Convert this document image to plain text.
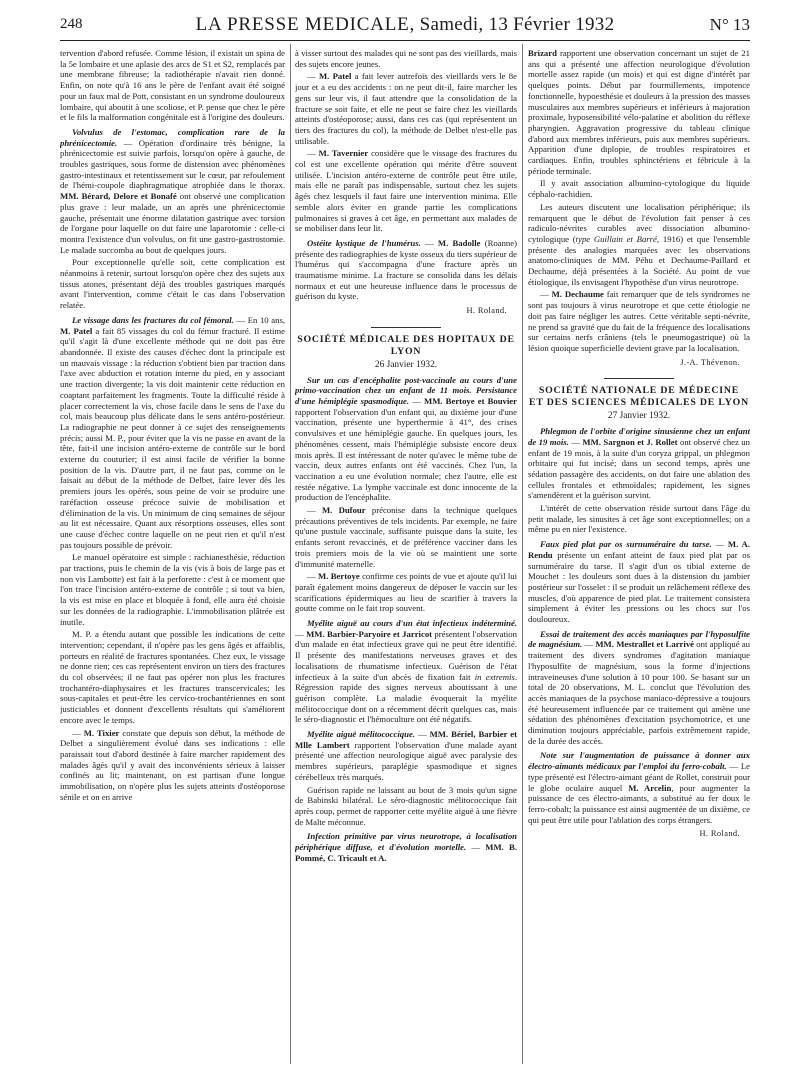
248	LA PRESSE MEDICALE, Samedi, 13 Février 1932	N° 13

tervention d'abord refusée. Comme lésion, il existait un spina de la 5e lombaire et une aplasie des arcs de S1 et S2, remplacés par une membrane fibreuse; la radiothérapie n'avait rien donné. Enfin, on note qu'à 16 ans le père de l'enfant avait été soigné pour un faux mal de Pott, consistant en un syndrome douloureux lombaire, qui aboutit à une scoliose, et P. pense que chez le père et le fils la malformation congénitale est à l'origine des douleurs.

Volvulus de l'estomac, complication rare de la phrénicectomie. — Opération d'ordinaire très bénigne, la phrénicectomie est suivie parfois, lorsqu'on opère à gauche, de troubles gastriques, sous forme de distension avec phénomènes gastro-intestinaux et retentissement sur le cœur, par refoulement de l'hémi-coupole diaphragmatique atrophiée dans le thorax. MM. Bérard, Delore et Bonafé ont observé une complication plus grave : leur malade, un an après une phrénicectomie gauche, présentait une énorme dilatation gastrique avec torsion de l'organe pour laquelle on dut faire une laparotomie : celle-ci montra l'existence d'un volvulus, on fit une gastro-gastrostomie. Le malade succomba au bout de quelques jours.

Pour exceptionnelle qu'elle soit, cette complication est néanmoins à retenir, surtout lorsqu'on opère chez des sujets aux tissus atones, présentant déjà des troubles gastriques marqués avant l'intervention, comme c'était le cas dans l'observation relatée.

Le vissage dans les fractures du col fémoral. — En 10 ans, M. Patel a fait 85 vissages du col du fémur fracturé. Il estime qu'il s'agit là d'une excellente méthode qui ne doit pas être abandonnée. Il existe des causes d'échec dont la principale est un mauvais vissage : la réduction s'obtient bien par traction dans l'axe avec abduction et rotation interne du pied, en y associant une traction divergente; la vis doit maintenir cette réduction en coaptant parfaitement les fragments. Toute la difficulté réside à placer correctement la vis, chose facile dans le sens de l'axe du col, mais beaucoup plus délicate dans le sens antéro-postérieur. La radiographie ne peut donner à ce sujet des renseignements précis; aussi M. P., pour éviter que la vis ne passe en avant de la tête, fait-il une incision antéro-externe de contrôle sur le bord externe du couturier; il est ainsi facile de vérifier la bonne position de la vis. D'autre part, il ne faut pas, comme on le faisait au début de la méthode de Delbet, faire lever dès les premiers jours les opérés, sous peine de voir se produire une raréfaction osseuse précoce suivie de mobilisation et d'élimination de la vis. Un minimum de cinq semaines de séjour au lit est nécessaire. Quant aux résorptions osseuses, elles sont une cause d'échec contre laquelle on ne peut rien et qu'il n'est pas toujours possible de prévoir.

Le manuel opératoire est simple : rachianesthésie, réduction par tractions, puis le chemin de la vis (vis à bois de large pas et non vis Lambotte) est fait à la perforette : c'est à ce moment que l'on trace l'incision antéro-externe de contrôle ; si tout va bien, la vis est mise en place et bloquée à fond, elle aura été choisie sur les données de la radiographie. L'immobilisation plâtrée est inutile.

M. P. a étendu autant que possible les indications de cette intervention; cependant, il n'opère pas les gens âgés et affaiblis, porteurs en réalité de fractures spontanées. Chez eux, le vissage ne donne rien; ces cas représentent environ un tiers des fractures du col observées; il ne faut pas opérer non plus les fractures trochantéro-diaphysaires et les fractures transcervicales; les sous-capitales et peut-être les cervico-trochantériennes en sont justiciables et donnent d'excellents résultats qui s'améliorent encore avec le temps.

— M. Tixier constate que depuis son début, la méthode de Delbet a singulièrement évolué dans ses indications : elle paraissait tout d'abord destinée à faire marcher rapidement des malades âgés qu'il y avait des inconvénients sérieux à laisser confinés au lit; maintenant, on est partisan d'une longue immobilisation, on n'opère plus les sujets atteints d'ostéoporose sénile et on en arrive

à visser surtout des malades qui ne sont pas des vieillards, mais des sujets encore jeunes.

— M. Patel a fait lever autrefois des vieillards vers le 8e jour et a eu des accidents : on ne peut dit-il, faire marcher les gens sur leur vis, il faut attendre que la consolidation de la fracture se soit faite, et elle ne peut se faire chez les vieillards atteints d'ostéoporose; aussi, dans ces cas (qui représentent un tiers des fractures du col), la méthode de Delbet n'est-elle pas utilisable.

— M. Tavernier considère que le vissage des fractures du col est une excellente opération qui mérite d'être souvent utilisée. L'incision antéro-externe de contrôle peut être utile, mais elle ne paraît pas indispensable, surtout chez les sujets âgés chez lesquels il faut faire une intervention minima. Elle semble alors éviter en grande partie les complications pulmonaires si graves à cet âge, en permettant aux malades de se mobiliser dans leur lit.

Ostéite kystique de l'humérus. — M. Badolle (Roanne) présente des radiographies de kyste osseux du tiers supérieur de l'humérus qui s'accompagna d'une fracture après un traumatisme minime. La fracture se consolida dans les délais normaux et eut une heureuse influence dans le processus de guérison du kyste.

H. Roland.

SOCIÉTÉ MÉDICALE DES HOPITAUX DE LYON
26 Janvier 1932.

Sur un cas d'encéphalite post-vaccinale au cours d'une primo-vaccination chez un enfant de 11 mois. Persistance d'une hémiplégie spasmodique. — MM. Bertoye et Bouvier rapportent l'observation d'un enfant qui, au dixième jour d'une vaccination, présente une hyperthermie à 41°, des crises convulsives et une hémiplégie gauche. En quelques jours, les phénomènes cessent, mais l'hémiplégie subsiste encore deux mois après. Il est intéressant de noter qu'avec le même tube de vaccin, deux autres enfants ont été vaccinés. Chez l'un, la vaccination a eu une évolution normale; chez l'autre, elle est restée négative. La lymphe vaccinale est donc innocente de la production de l'encéphalite.

— M. Dufour préconise dans la technique quelques précautions préventives de tels incidents. Par exemple, ne faire qu'une pustule vaccinale, suffisante puisque dans la suite, les enfants seront revaccinés, et de préférence vacciner dans les trois premiers mois de la vie où se maintient une sorte d'immunité maternelle.

— M. Bertoye confirme ces points de vue et ajoute qu'il lui paraît également moins dangereux de déposer le vaccin sur les scarifications épidermiques au lieu de scarifier à travers la goutte comme on le fait trop souvent.

Myélite aiguë au cours d'un état infectieux indéterminé. — MM. Barbier-Paryoire et Jarricot présentent l'observation d'un malade en état infectieux grave qui ne peut être identifié. Il présente des manifestations nerveuses graves et des localisations de rhumatisme infectieux. Guérison de l'état infectieux à la suite d'un abcès de fixation fait in extremis. Régression rapide des signes nerveux aboutissant à une guérison complète. La maladie évoquerait la myélite mélitococcique dont on a récemment décrit quelques cas, mais le séro-diagnostic et l'hémoculture ont été négatifs.

Myélite aiguë mélitococcique. — MM. Bériel, Barbier et Mlle Lambert rapportent l'observation d'une malade ayant présenté une affection neurologique aiguë avec paralysie des membres supérieurs, paraplégie spasmodique et signes cérébelleux très marqués.

Guérison rapide ne laissant au bout de 3 mois qu'un signe de Babinski bilatéral. Le séro-diagnostic mélitococcique fait après coup, permet de rapporter cette myélite aiguë à une fièvre de Malte méconnue.

Infection primitive par virus neurotrope, à localisation périphérique diffuse, et d'évolution mortelle. — MM. B. Pommé, C. Tricault et A.

Brizard rapportent une observation concernant un sujet de 21 ans qui a présenté une affection neurologique d'évolution mortelle assez rapide (un mois) et qui est digne d'intérêt par quelques points. Début par fourmillements, impotence fonctionnelle, hypoesthésie et douleurs à la pression des masses musculaires aux membres supérieurs et inférieurs à majoration proximale, hyposensibilité vélo-palatine et abolition du réflexe pharyngien. Aggravation progressive du tableau clinique d'abord aux membres inférieurs, puis aux membres supérieurs. Apparition d'une diplopie, de troubles respiratoires et cardiaques. Enfin, troubles sphinctériens et fébricule à la période terminale.

Il y avait association albumino-cytologique du liquide céphalo-rachidien.

Les auteurs discutent une localisation périphérique; ils remarquent que le début de l'évolution fait penser à ces radiculo-névrites curables avec dissociation albumino-cytologique (type Guillain et Barré, 1916) et que l'ensemble présente des analogies marquées avec les observations anatomo-cliniques de MM. Péhu et Dechaume-Paillard et Dechaume, déjà présentées à la Société. Au point de vue étiologique, ils envisagent l'hypothèse d'un virus neurotrope.

— M. Dechaume fait remarquer que de tels syndromes ne sont pas toujours à virus neurotrope et que cette étiologie ne doit pas faire négliger les autres. Cette véritable septi-névrite, ne prend sa gravité que du fait de la fréquence des localisations sur certains nerfs crâniens (tels le pneumogastrique) où la lésion quoique superficielle devient grave par la localisation.

J.-A. Thévenon.

SOCIÉTÉ NATIONALE DE MÉDECINE
ET DES SCIENCES MÉDICALES DE LYON
27 Janvier 1932.

Phlegmon de l'orbite d'origine sinusienne chez un enfant de 19 mois. — MM. Sargnon et J. Rollet ont observé chez un enfant de 19 mois, à la suite d'un coryza grippal, un phlegmon orbitaire qui fut incisé; dans un second temps, après une sédation passagère des accidents, on dut faire une ablation des cellules frontales et ethmoïdales; rapidement, les signes s'amendèrent et la guérison survint.

L'intérêt de cette observation réside surtout dans l'âge du petit malade, les sinusites à cet âge sont exceptionnelles; on a même pu en nier l'existence.

Faux pied plat par os surnuméraire du tarse. — M. A. Rendu présente un enfant atteint de faux pied plat par os surnuméraire du tarse. Il s'agit d'un os tibial externe de Mouchet : les douleurs sont dues à la distension du jambier postérieur sur l'osselet : il se produit un relâchement réflexe des muscles, d'où apparence de pied plat. Le traitement consistera simplement à éviter les pressions ou les chocs sur l'os douloureux.

Essai de traitement des accès maniaques par l'hyposulfite de magnésium. — MM. Mestrallet et Larrivé ont appliqué au traitement des divers syndromes d'agitation maniaque l'hyposulfite de magnésium, sous la forme d'injections intraveineuses d'une solution à 10 pour 100. Se basant sur un total de 20 observations, M. L. conclut que l'évolution des accès maniaques de la psychose maniaco-dépressive a toujours été heureusement influencée par ce traitement qui amène une sédation des phénomènes d'excitation psychomotrice, et une diminution toujours appréciable, parfois extrêmement rapide, de la durée des accès.

Note sur l'augmentation de puissance à donner aux électro-aimants médicaux par l'emploi du ferro-cobalt. — Le type présenté est l'électro-aimant géant de Rollet, construit pour le globe oculaire auquel M. Arcelin, pour augmenter la puissance de ces électro-aimants, a substitué au fer doux le ferro-cobalt; la puissance est ainsi augmentée de un dixième, ce qui peut être utile pour l'ablation des corps étrangers.

H. Roland.
